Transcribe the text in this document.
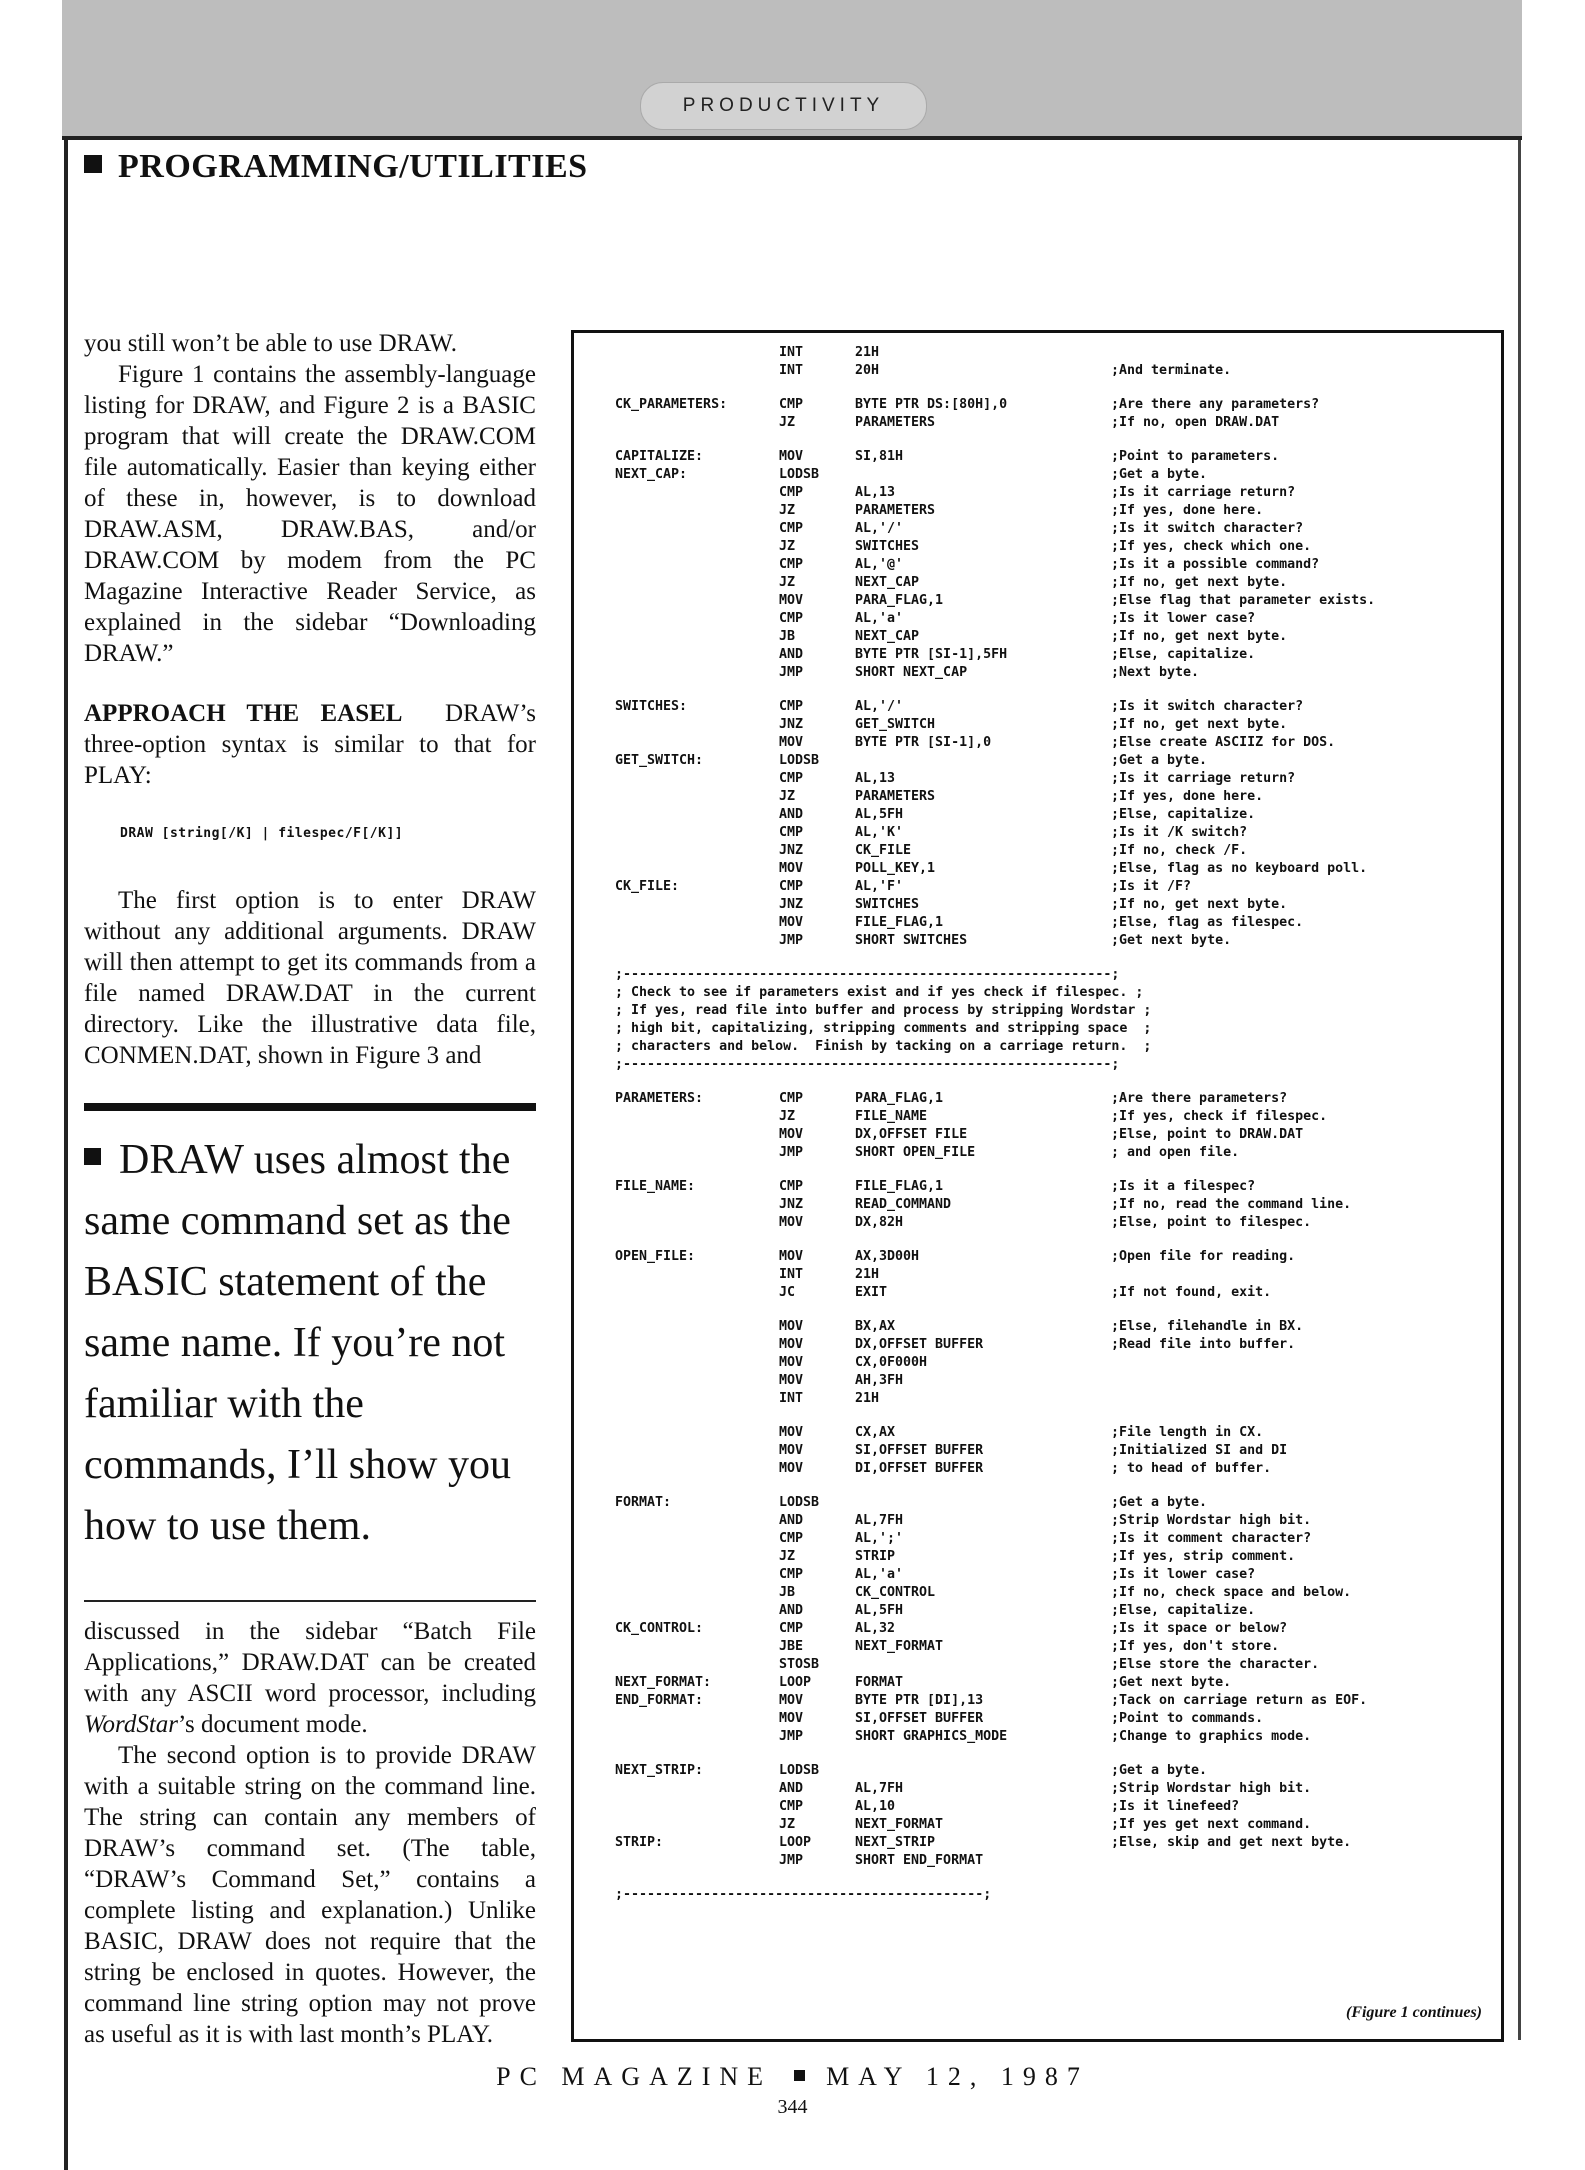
PRODUCTIVITY
PROGRAMMING/UTILITIES

you still won’t be able to use DRAW.

Figure 1 contains the assembly-language listing for DRAW, and Figure 2 is a BASIC program that will create the DRAW.COM file automatically. Easier than keying either of these in, however, is to download DRAW.ASM, DRAW.BAS, and/or DRAW.COM by modem from the PC Magazine Interactive Reader Service, as explained in the sidebar “Downloading DRAW.”

APPROACH THE EASEL DRAW’s three-option syntax is similar to that for PLAY:

DRAW [string[/K] | filespec/F[/K]]

The first option is to enter DRAW without any additional arguments. DRAW will then attempt to get its commands from a file named DRAW.DAT in the current directory. Like the illustrative data file, CONMEN.DAT, shown in Figure 3 and

DRAW uses almost the same command set as the BASIC statement of the same name. If you’re not familiar with the commands, I’ll show you how to use them.

discussed in the sidebar “Batch File Applications,” DRAW.DAT can be created with any ASCII word processor, including WordStar’s document mode.

The second option is to provide DRAW with a suitable string on the command line. The string can contain any members of DRAW’s command set. (The table, “DRAW’s Command Set,” contains a complete listing and explanation.) Unlike BASIC, DRAW does not require that the string be enclosed in quotes. However, the command line string option may not prove as useful as it is with last month’s PLAY.

INT	21H
INT	20H	;And terminate.
CK_PARAMETERS:	CMP	BYTE PTR DS:[80H],0	;Are there any parameters?
JZ	PARAMETERS	;If no, open DRAW.DAT
CAPITALIZE:	MOV	SI,81H	;Point to parameters.
NEXT_CAP:	LODSB	;Get a byte.
CMP	AL,13	;Is it carriage return?
JZ	PARAMETERS	;If yes, done here.
CMP	AL,'/'	;Is it switch character?
JZ	SWITCHES	;If yes, check which one.
CMP	AL,'@'	;Is it a possible command?
JZ	NEXT_CAP	;If no, get next byte.
MOV	PARA_FLAG,1	;Else flag that parameter exists.
CMP	AL,'a'	;Is it lower case?
JB	NEXT_CAP	;If no, get next byte.
AND	BYTE PTR [SI-1],5FH	;Else, capitalize.
JMP	SHORT NEXT_CAP	;Next byte.
SWITCHES:	CMP	AL,'/'	;Is it switch character?
JNZ	GET_SWITCH	;If no, get next byte.
MOV	BYTE PTR [SI-1],0	;Else create ASCIIZ for DOS.
GET_SWITCH:	LODSB	;Get a byte.
CMP	AL,13	;Is it carriage return?
JZ	PARAMETERS	;If yes, done here.
AND	AL,5FH	;Else, capitalize.
CMP	AL,'K'	;Is it /K switch?
JNZ	CK_FILE	;If no, check /F.
MOV	POLL_KEY,1	;Else, flag as no keyboard poll.
CK_FILE:	CMP	AL,'F'	;Is it /F?
JNZ	SWITCHES	;If no, get next byte.
MOV	FILE_FLAG,1	;Else, flag as filespec.
JMP	SHORT SWITCHES	;Get next byte.
;-------------------------------------------------------------;
; Check to see if parameters exist and if yes check if filespec. ;
; If yes, read file into buffer and process by stripping Wordstar ;
; high bit, capitalizing, stripping comments and stripping space  ;
; characters and below.  Finish by tacking on a carriage return.  ;
;-------------------------------------------------------------;
PARAMETERS:	CMP	PARA_FLAG,1	;Are there parameters?
JZ	FILE_NAME	;If yes, check if filespec.
MOV	DX,OFFSET FILE	;Else, point to DRAW.DAT
JMP	SHORT OPEN_FILE	; and open file.
FILE_NAME:	CMP	FILE_FLAG,1	;Is it a filespec?
JNZ	READ_COMMAND	;If no, read the command line.
MOV	DX,82H	;Else, point to filespec.
OPEN_FILE:	MOV	AX,3D00H	;Open file for reading.
INT	21H
JC	EXIT	;If not found, exit.
MOV	BX,AX	;Else, filehandle in BX.
MOV	DX,OFFSET BUFFER	;Read file into buffer.
MOV	CX,0F000H
MOV	AH,3FH
INT	21H
MOV	CX,AX	;File length in CX.
MOV	SI,OFFSET BUFFER	;Initialized SI and DI
MOV	DI,OFFSET BUFFER	; to head of buffer.
FORMAT:	LODSB	;Get a byte.
AND	AL,7FH	;Strip Wordstar high bit.
CMP	AL,';'	;Is it comment character?
JZ	STRIP	;If yes, strip comment.
CMP	AL,'a'	;Is it lower case?
JB	CK_CONTROL	;If no, check space and below.
AND	AL,5FH	;Else, capitalize.
CK_CONTROL:	CMP	AL,32	;Is it space or below?
JBE	NEXT_FORMAT	;If yes, don't store.
STOSB	;Else store the character.
NEXT_FORMAT:	LOOP	FORMAT	;Get next byte.
END_FORMAT:	MOV	BYTE PTR [DI],13	;Tack on carriage return as EOF.
MOV	SI,OFFSET BUFFER	;Point to commands.
JMP	SHORT GRAPHICS_MODE	;Change to graphics mode.
NEXT_STRIP:	LODSB	;Get a byte.
AND	AL,7FH	;Strip Wordstar high bit.
CMP	AL,10	;Is it linefeed?
JZ	NEXT_FORMAT	;If yes get next command.
STRIP:	LOOP	NEXT_STRIP	;Else, skip and get next byte.
JMP	SHORT END_FORMAT
;---------------------------------------------;
(Figure 1 continues)
PC MAGAZINE MAY 12, 1987
344
